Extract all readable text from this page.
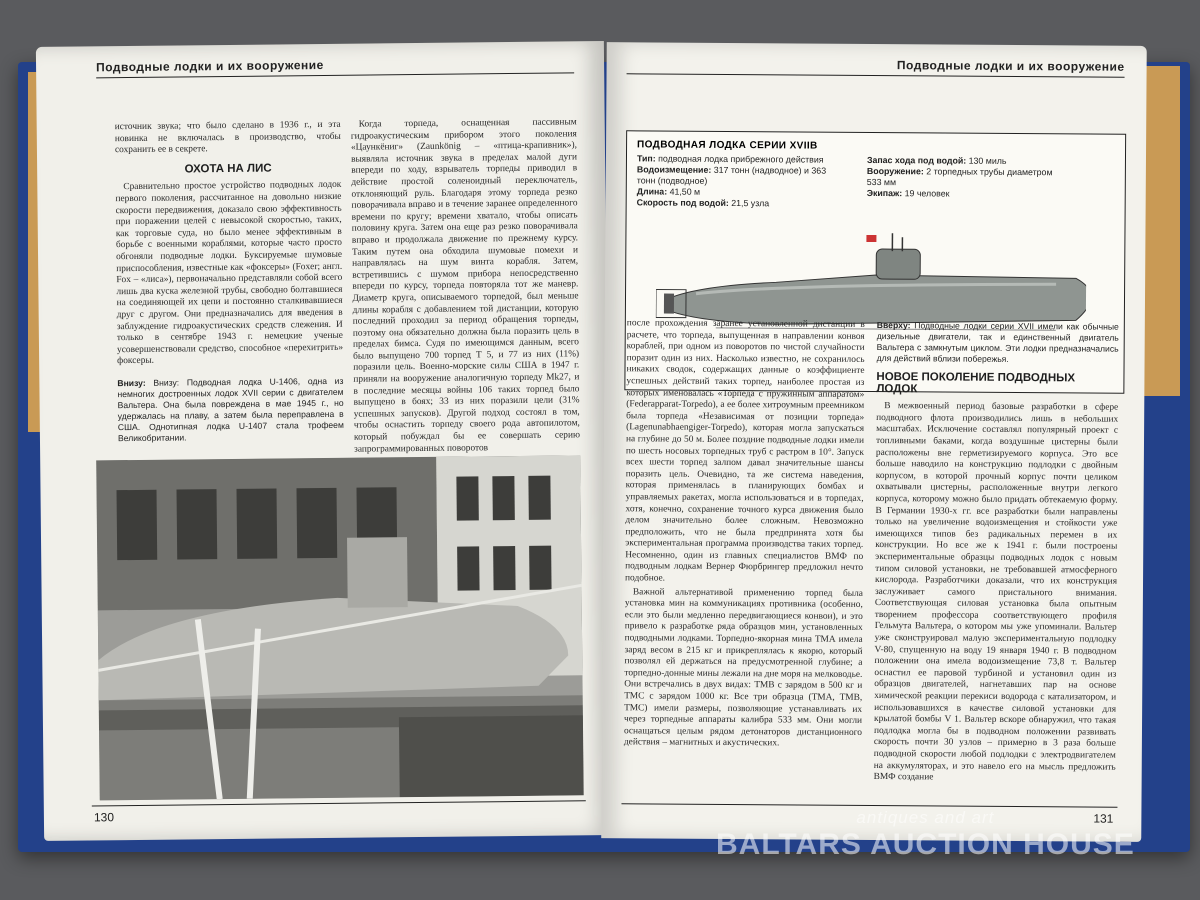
Подводные лодки и их вооружение

источник звука; что было сделано в 1936 г., и эта новинка не включалась в производство, чтобы сохранить ее в секрете.

ОХОТА НА ЛИС

Сравнительно простое устройство подводных лодок первого поколения, рассчитанное на довольно низкие скорости передвижения, доказало свою эффективность при поражении целей с невысокой скоростью, таких, как торговые суда, но было менее эффективным в борьбе с военными кораблями, которые часто просто обгоняли подводные лодки. Буксируемые шумовые приспособления, известные как «фоксеры» (Foxer; англ. Fox – «лиса»), первоначально представляли собой всего лишь два куска железной трубы, свободно болтавшиеся на соединяющей их цепи и постоянно сталкивавшиеся друг с другом. Они предназначались для введения в заблуждение гидроакустических средств слежения. И только в сентябре 1943 г. немецкие ученые усовершенствовали средство, способное «перехитрить» фоксеры.

Внизу: Внизу: Подводная лодка U-1406, одна из немногих достроенных лодок XVII серии с двигателем Вальтера. Она была повреждена в мае 1945 г., но удержалась на плаву, а затем была переправлена в США. Однотипная лодка U-1407 стала трофеем Великобритании.

Когда торпеда, оснащенная пассивным гидроакустическим прибором этого поколения «Цаункёниг» (Zaunkönig – «птица-крапивник»), выявляла источник звука в пределах малой дуги впереди по ходу, взрыватель торпеды приводил в действие простой соленоидный переключатель, отклоняющий руль. Благодаря этому торпеда резко поворачивала вправо и в течение заранее определенного времени по кругу; времени хватало, чтобы описать половину круга. Затем она еще раз резко поворачивала вправо и продолжала движение по прежнему курсу. Таким путем она обходила шумовые помехи и направлялась на шум винта корабля. Затем, встретившись с шумом прибора непосредственно впереди по курсу, торпеда повторяла тот же маневр. Диаметр круга, описываемого торпедой, был меньше длины корабля с добавлением той дистанции, которую последний проходил за период обращения торпеды, поэтому она обязательно должна была поразить цель в пределах бимса. Судя по имеющимся данным, всего было выпущено 700 торпед Т 5, и 77 из них (11%) поразили цель. Военно-морские силы США в 1947 г. приняли на вооружение аналогичную торпеду Mk27, и в последние месяцы войны 106 таких торпед было выпущено в боях; 33 из них поразили цели (31% успешных запусков). Другой подход состоял в том, чтобы оснастить торпеду своего рода автопилотом, который побуждал бы ее совершать серию запрограммированных поворотов

130
Подводные лодки и их вооружение
ПОДВОДНАЯ ЛОДКА СЕРИИ XVIIB
Тип: подводная лодка прибрежного действия
Водоизмещение: 317 тонн (надводное) и 363 тонн (подводное)
Длина: 41,50 м
Скорость под водой: 21,5 узла
Запас хода под водой: 130 миль
Вооружение: 2 торпедных трубы диаметром 533 мм
Экипаж: 19 человек

после прохождения заранее установленной дистанции в расчете, что торпеда, выпущенная в направлении конвоя кораблей, при одном из поворотов по чистой случайности поразит один из них. Насколько известно, не сохранилось никаких сводок, содержащих данные о коэффициенте успешных действий таких торпед, наиболее простая из которых именовалась «Торпеда с пружинным аппаратом» (Federapparat-Torpedo), а ее более хитроумным преемником была торпеда «Независимая от позиции торпеда» (Lagenunabhaengiger-Torpedo), которая могла запускаться на глубине до 50 м. Более поздние подводные лодки имели по шесть носовых торпедных труб с растром в 10°. Запуск всех шести торпед залпом давал значительные шансы поразить цель. Очевидно, та же система наведения, которая применялась в планирующих бомбах и управляемых ракетах, могла использоваться и в торпедах, хотя, конечно, сохранение точного курса движения было делом значительно более сложным. Невозможно предположить, что не была предпринята хотя бы экспериментальная программа производства таких торпед. Несомненно, один из главных специалистов ВМФ по подводным лодкам Вернер Фюрбрингер предложил нечто подобное.

Важной альтернативой применению торпед была установка мин на коммуникациях противника (особенно, если это были медленно передвигающиеся конвои), и это привело к разработке ряда образцов мин, установленных подводными лодками. Торпедно-якорная мина ТМА имела заряд весом в 215 кг и прикреплялась к якорю, который позволял ей держаться на предусмотренной глубине; а торпедно-донные мины лежали на дне моря на мелководье. Они встречались в двух видах: ТМВ с зарядом в 500 кг и ТМС с зарядом 1000 кг. Все три образца (ТМА, ТМВ, ТМС) имели размеры, позволяющие устанавливать их через торпедные аппараты калибра 533 мм. Они могли оснащаться целым рядом детонаторов дистанционного действия – магнитных и акустических.

Вверху: Подводные лодки серии XVII имели как обычные дизельные двигатели, так и единственный двигатель Вальтера с замкнутым циклом. Эти лодки предназначались для действий вблизи побережья.
НОВОЕ ПОКОЛЕНИЕ ПОДВОДНЫХ ЛОДОК

В межвоенный период базовые разработки в сфере подводного флота производились лишь в небольших масштабах. Исключение составлял популярный проект с топливными баками, когда воздушные цистерны были расположены вне герметизируемого корпуса. Это все больше наводило на конструкцию подлодки с двойным корпусом, в которой прочный корпус почти целиком охватывали цистерны, расположенные внутри легкого корпуса, которому можно было придать обтекаемую форму. В Германии 1930-х гг. все разработки были направлены только на увеличение водоизмещения и стойкости уже имеющихся типов без радикальных перемен в их конструкции. Но все же к 1941 г. были построены экспериментальные образцы подводных лодок с новым типом силовой установки, не требовавшей атмосферного кислорода. Разработчики доказали, что их конструкция заслуживает самого пристального внимания. Соответствующая силовая установка была опытным творением профессора соответствующего профиля Гельмута Вальтера, о котором мы уже упоминали. Вальтер уже сконструировал малую экспериментальную подлодку V-80, спущенную на воду 19 января 1940 г. В подводном положении она имела водоизмещение 73,8 т. Вальтер оснастил ее паровой турбиной и установил один из образцов двигателей, нагнетавших пар на основе химической реакции перекиси водорода с катализатором, и использовавшихся в качестве силовой установки для крылатой бомбы V 1. Вальтер вскоре обнаружил, что такая подлодка могла бы в подводном положении развивать скорость почти 30 узлов – примерно в 3 раза больше подводной скорости любой подлодки с электродвигателем на аккумуляторах, и это навело его на мысль предложить ВМФ создание

131
antiques and art
BALTARS AUCTION HOUSE
